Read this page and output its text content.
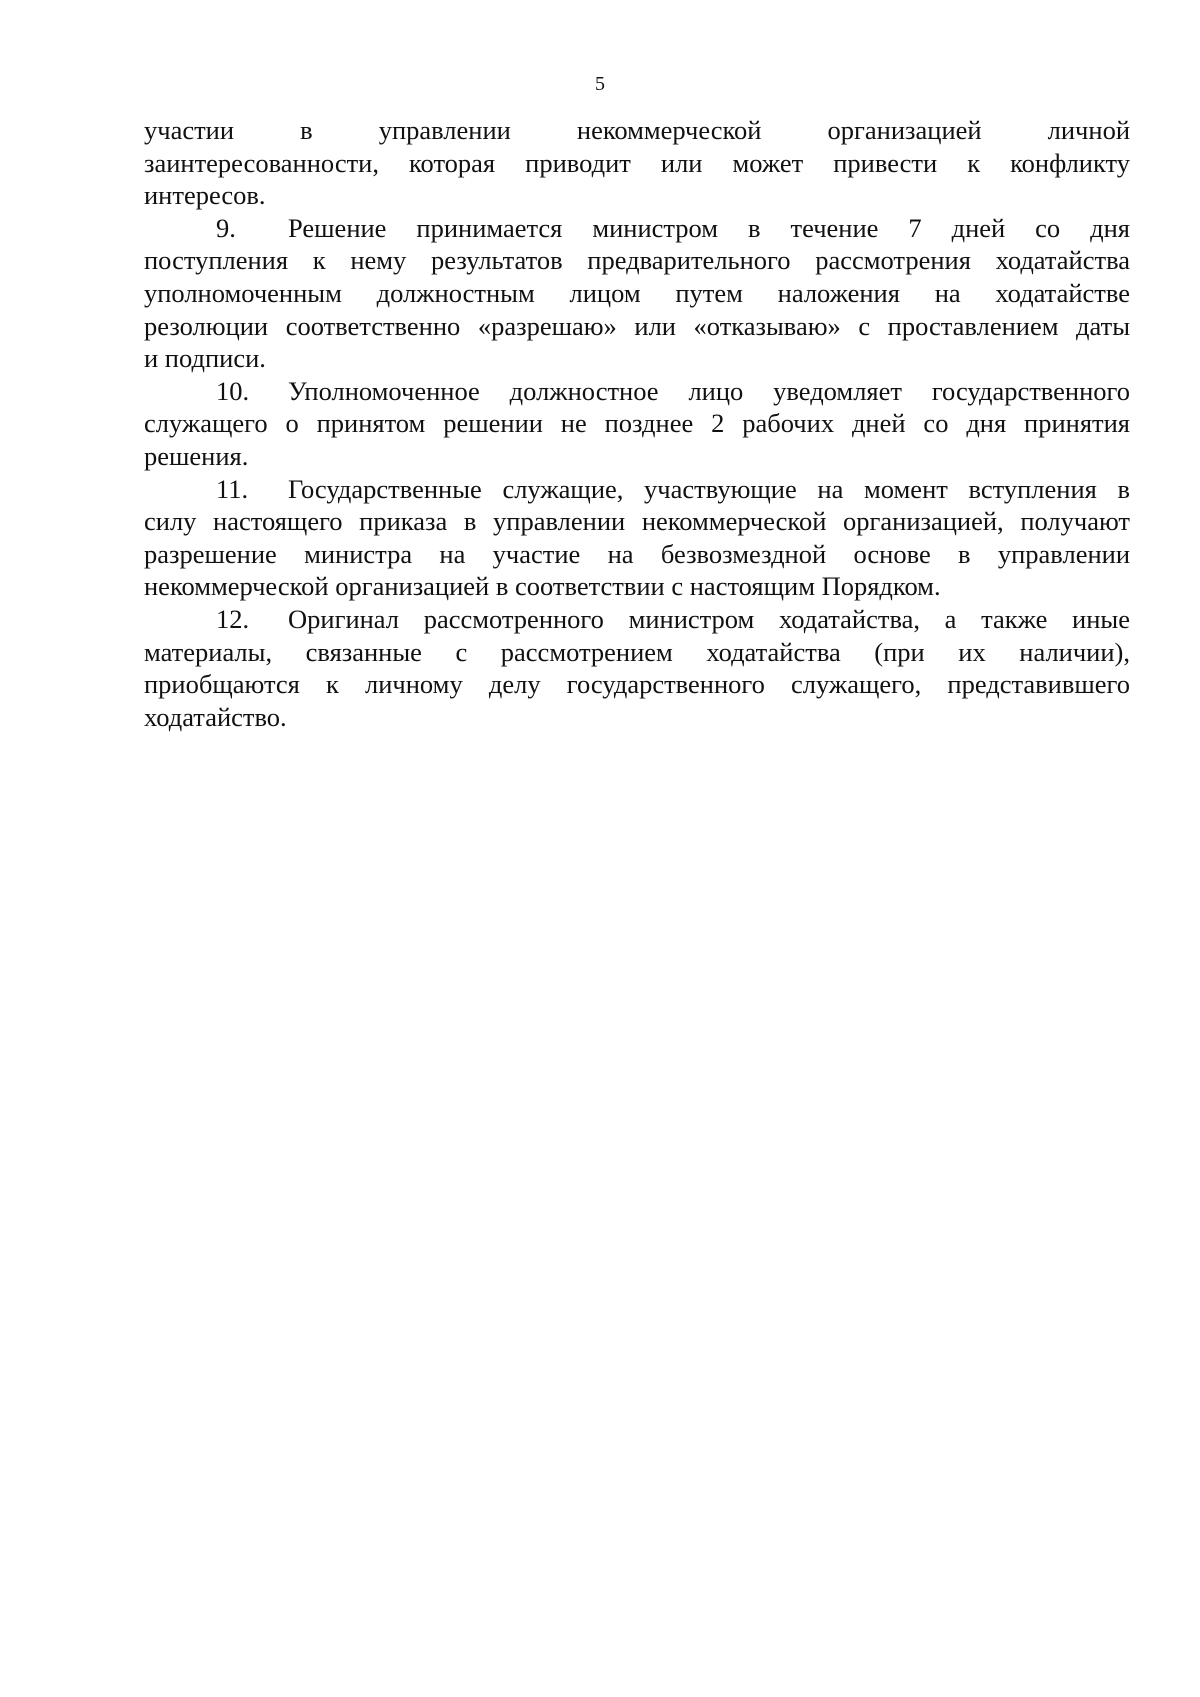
5
участии в управлении некоммерческой организацией личной
заинтересованности, которая приводит или может привести к конфликту
интересов.
9. Решение принимается министром в течение 7 дней со дня
поступления к нему результатов предварительного рассмотрения ходатайства
уполномоченным должностным лицом путем наложения на ходатайстве
резолюции соответственно «разрешаю» или «отказываю» с проставлением даты
и подписи.
10. Уполномоченное должностное лицо уведомляет государственного
служащего о принятом решении не позднее 2 рабочих дней со дня принятия
решения.
11. Государственные служащие, участвующие на момент вступления в
силу настоящего приказа в управлении некоммерческой организацией, получают
разрешение министра на участие на безвозмездной основе в управлении
некоммерческой организацией в соответствии с настоящим Порядком.
12. Оригинал рассмотренного министром ходатайства, а также иные
материалы, связанные с рассмотрением ходатайства (при их наличии),
приобщаются к личному делу государственного служащего, представившего
ходатайство.
